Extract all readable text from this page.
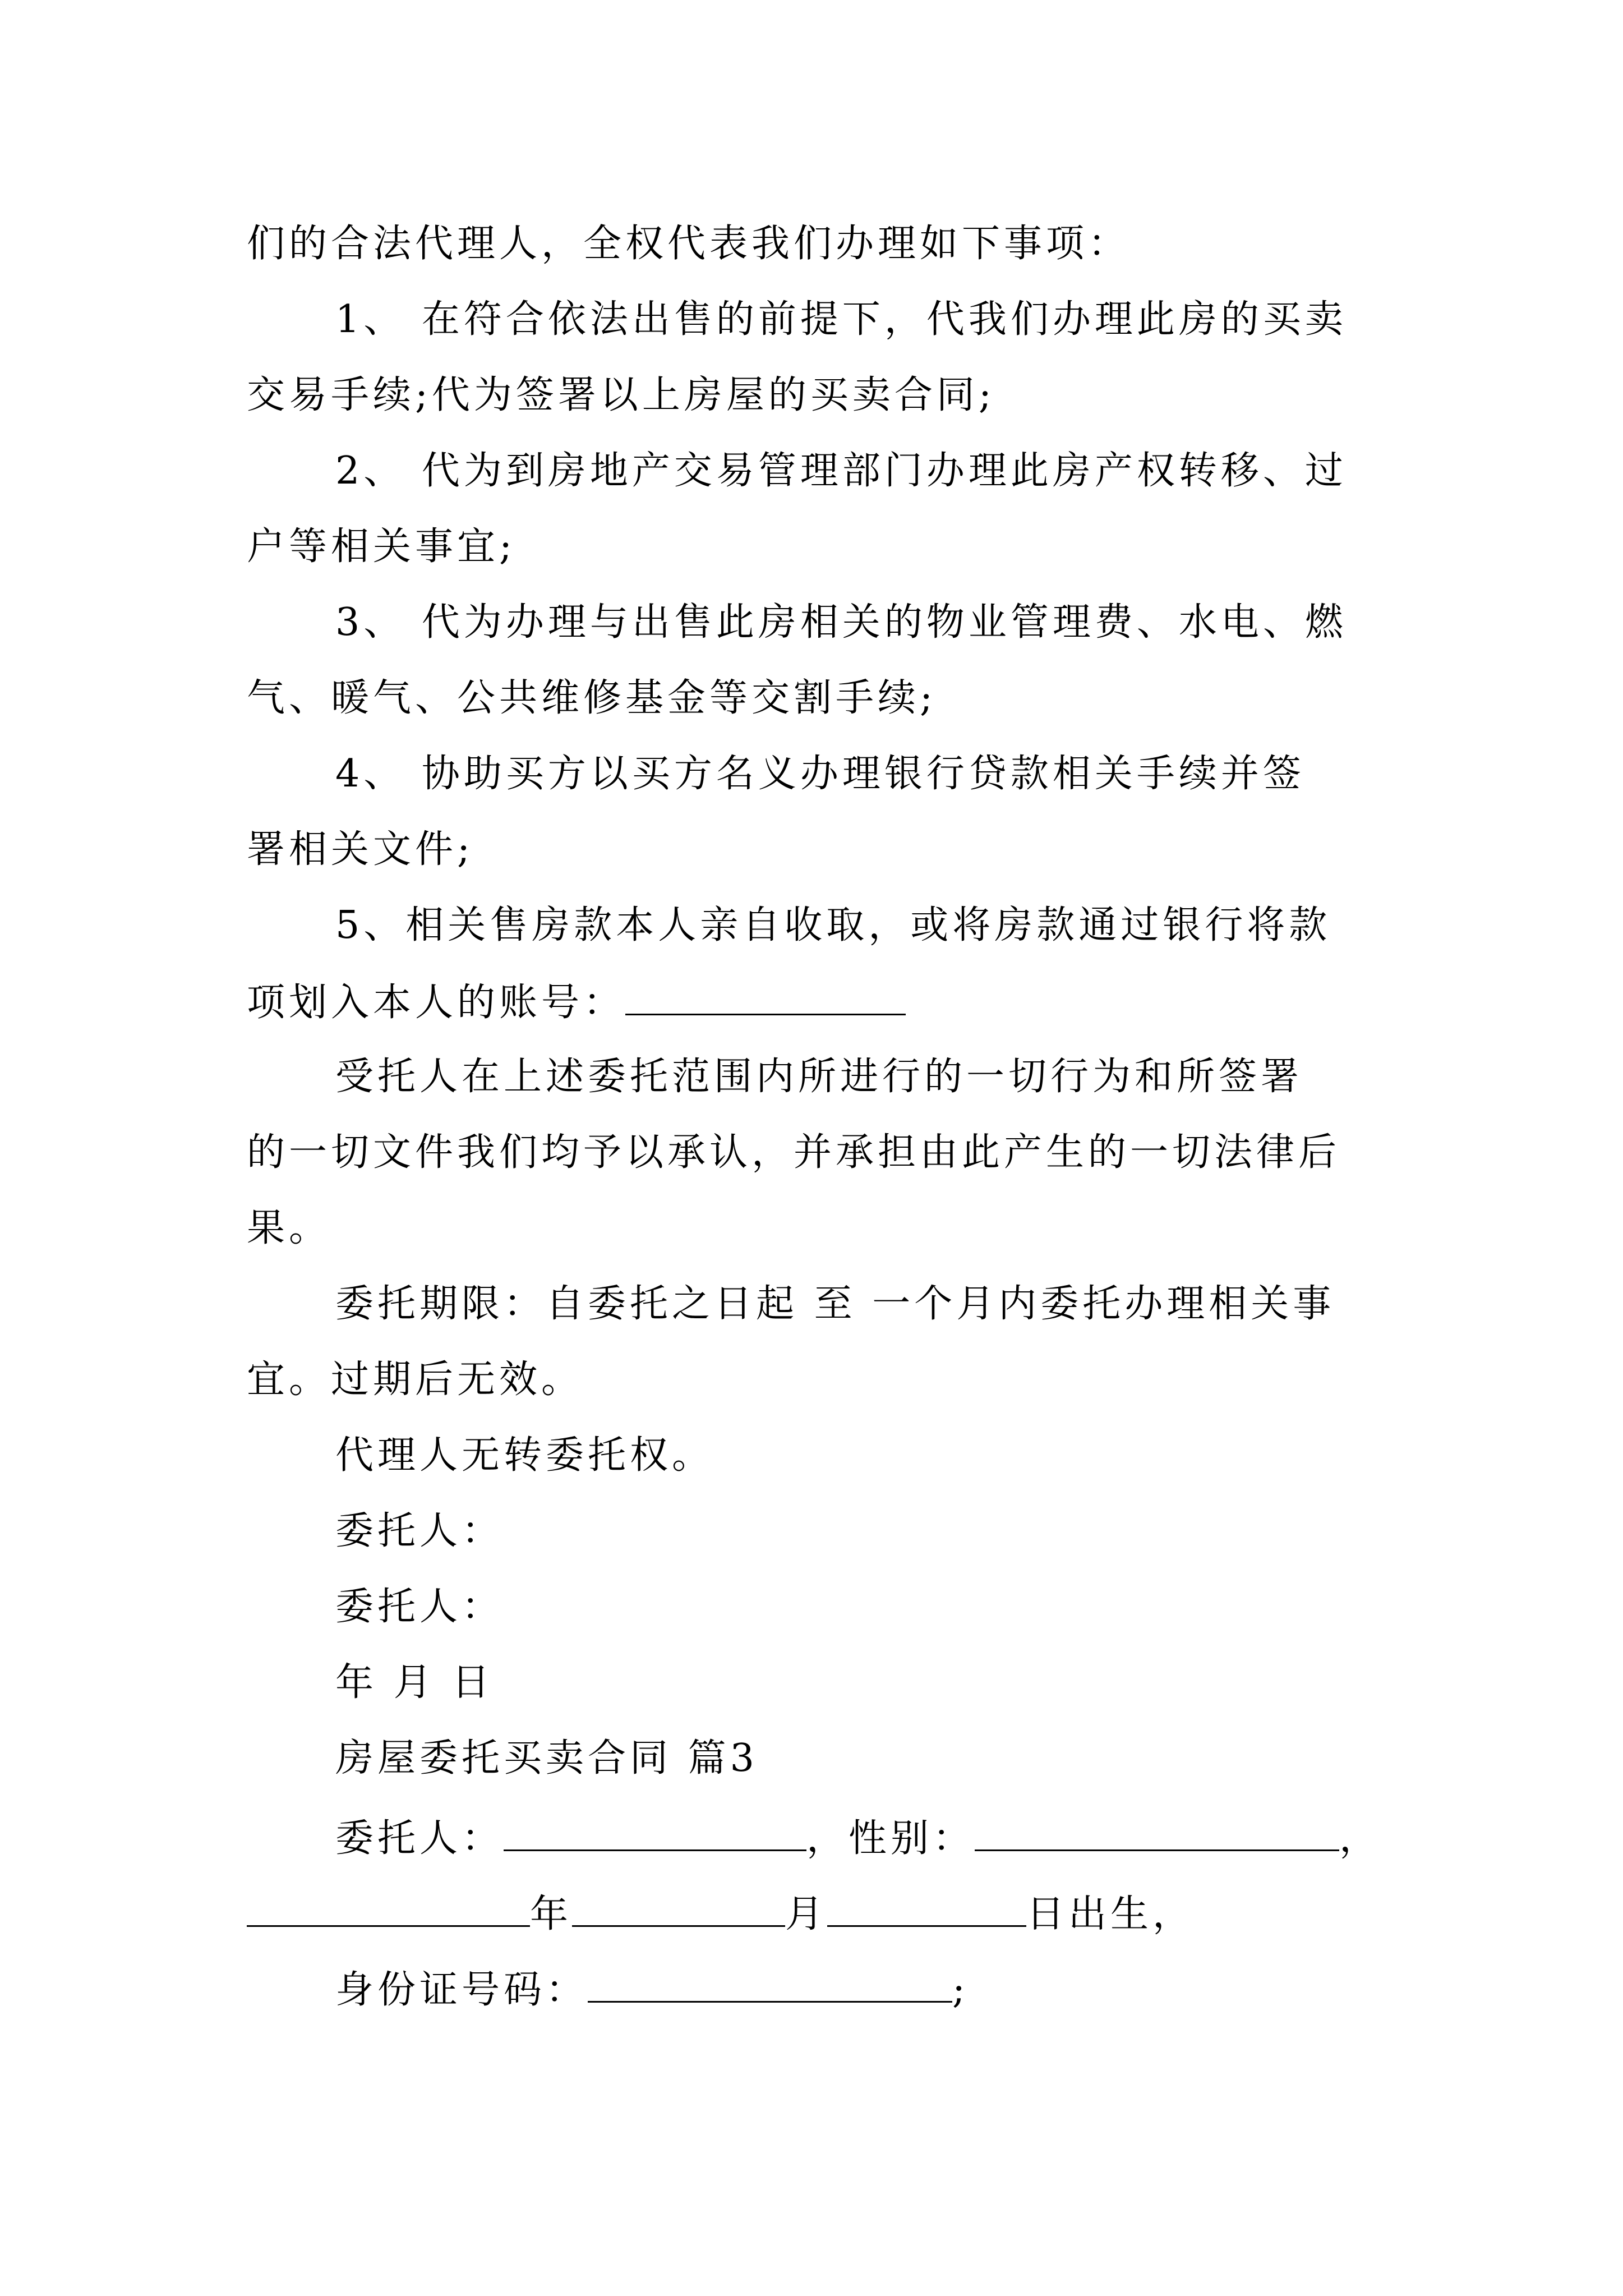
们的合法代理人，全权代表我们办理如下事项：
1、 在符合依法出售的前提下，代我们办理此房的买卖
交易手续;代为签署以上房屋的买卖合同;
2、 代为到房地产交易管理部门办理此房产权转移、过
户等相关事宜;
3、 代为办理与出售此房相关的物业管理费、水电、燃
气、暖气、公共维修基金等交割手续;
4、 协助买方以买方名义办理银行贷款相关手续并签
署相关文件;
5、相关售房款本人亲自收取，或将房款通过银行将款
项划入本人的账号：
受托人在上述委托范围内所进行的一切行为和所签署
的一切文件我们均予以承认，并承担由此产生的一切法律后
果。
委托期限：自委托之日起 至 一个月内委托办理相关事
宜。过期后无效。
代理人无转委托权。
委托人：
委托人：
年 月 日
房屋委托买卖合同 篇3
委托人：	，性别：	，
年	月	日出生，
身份证号码：	;
